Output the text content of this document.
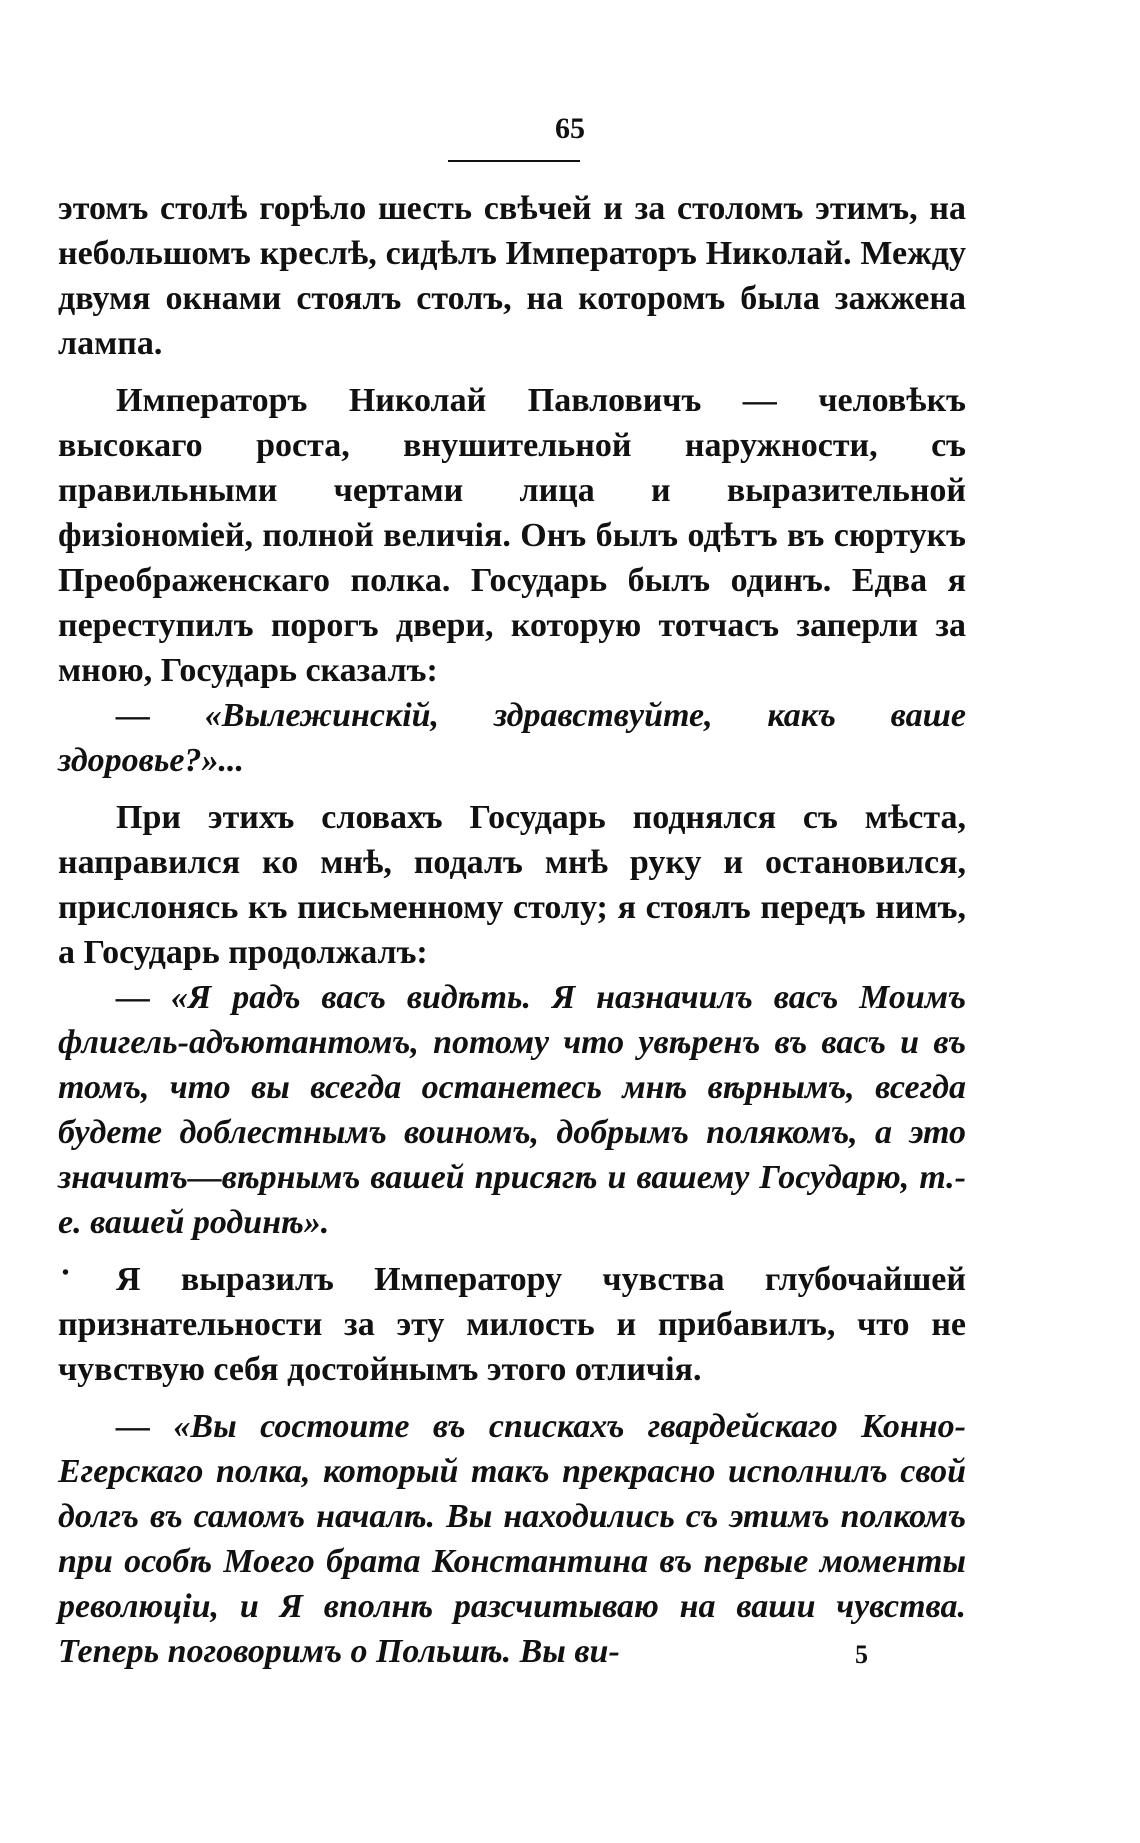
65

этомъ столѣ горѣло шесть свѣчей и за столомъ этимъ, на небольшомъ креслѣ, сидѣлъ Императоръ Николай. Между двумя окнами стоялъ столъ, на которомъ была зажжена лампа.

Императоръ Николай Павловичъ — человѣкъ высокаго роста, внушительной наружности, съ правильными чертами лица и выразительной физіономіей, полной величія. Онъ былъ одѣтъ въ сюртукъ Преображенскаго полка. Государь былъ одинъ. Едва я переступилъ порогъ двери, которую тотчасъ заперли за мною, Государь сказалъ:

— «Вылежинскій, здравствуйте, какъ ваше здоровье?»...

При этихъ словахъ Государь поднялся съ мѣста, направился ко мнѣ, подалъ мнѣ руку и остановился, прислонясь къ письменному столу; я стоялъ передъ нимъ, а Государь продолжалъ:

— «Я радъ васъ видѣть. Я назначилъ васъ Моимъ флигель-адъютантомъ, потому что увѣренъ въ васъ и въ томъ, что вы всегда останетесь мнѣ вѣрнымъ, всегда будете доблестнымъ воиномъ, добрымъ полякомъ, а это значитъ—вѣрнымъ вашей присягѣ и вашему Государю, т.-е. вашей родинѣ».

Я выразилъ Императору чувства глубочайшей признательности за эту милость и прибавилъ, что не чувствую себя достойнымъ этого отличія.

— «Вы состоите въ спискахъ гвардейскаго Конно-Егерскаго полка, который такъ прекрасно исполнилъ свой долгъ въ самомъ началѣ. Вы находились съ этимъ полкомъ при особѣ Моего брата Константина въ первые моменты революціи, и Я вполнѣ разсчитываю на ваши чувства. Теперь поговоримъ о Польшѣ. Вы ви-

•
5
